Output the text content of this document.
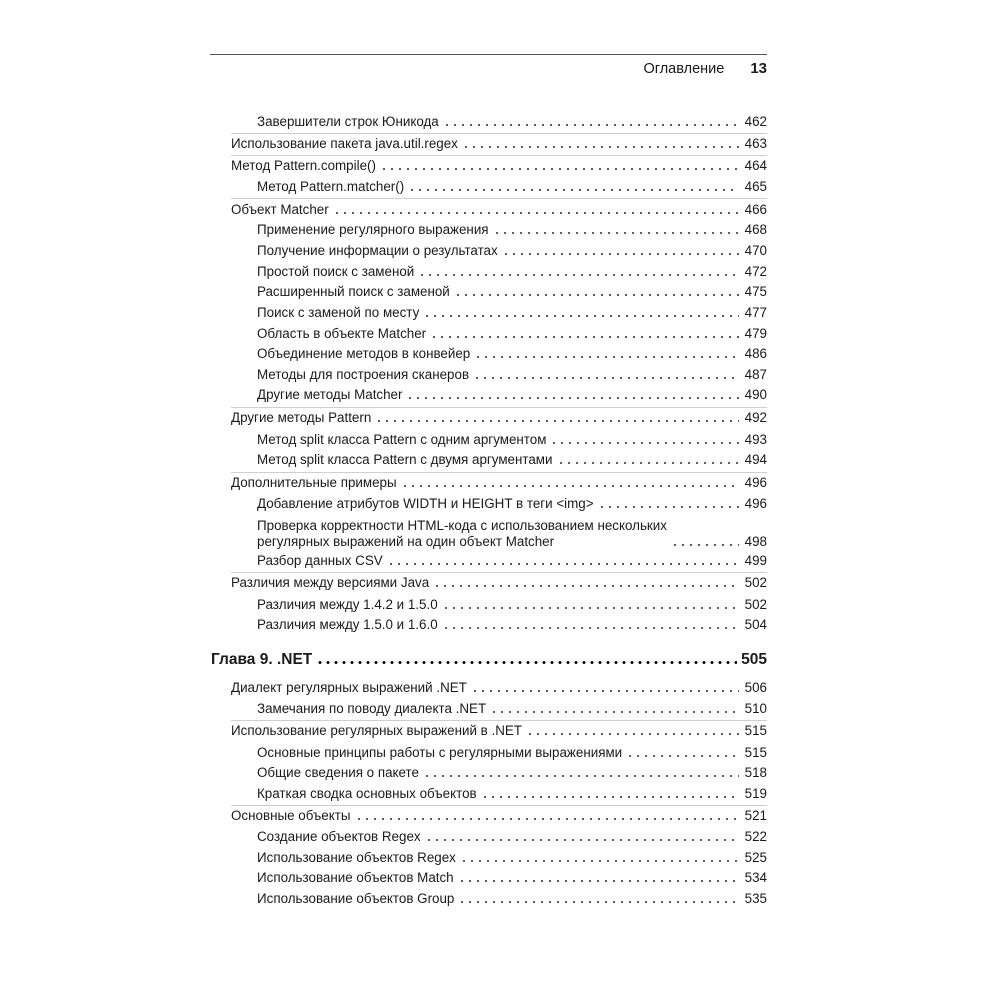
Оглавление 13
Завершители строк Юникода	462
Использование пакета java.util.regex	463
Метод Pattern.compile()	464
Метод Pattern.matcher()	465
Объект Matcher	466
Применение регулярного выражения	468
Получение информации о результатах	470
Простой поиск с заменой	472
Расширенный поиск с заменой	475
Поиск с заменой по месту	477
Область в объекте Matcher	479
Объединение методов в конвейер	486
Методы для построения сканеров	487
Другие методы Matcher	490
Другие методы Pattern	492
Метод split класса Pattern с одним аргументом	493
Метод split класса Pattern с двумя аргументами	494
Дополнительные примеры	496
Добавление атрибутов WIDTH и HEIGHT в теги <img>	496
Проверка корректности HTML-кода с использованием нескольких
регулярных выражений на один объект Matcher	498
Разбор данных CSV	499
Различия между версиями Java	502
Различия между 1.4.2 и 1.5.0	502
Различия между 1.5.0 и 1.6.0	504
Глава 9. .NET	505
Диалект регулярных выражений .NET	506
Замечания по поводу диалекта .NET	510
Использование регулярных выражений в .NET	515
Основные принципы работы с регулярными выражениями	515
Общие сведения о пакете	518
Краткая сводка основных объектов	519
Основные объекты	521
Создание объектов Regex	522
Использование объектов Regex	525
Использование объектов Match	534
Использование объектов Group	535
